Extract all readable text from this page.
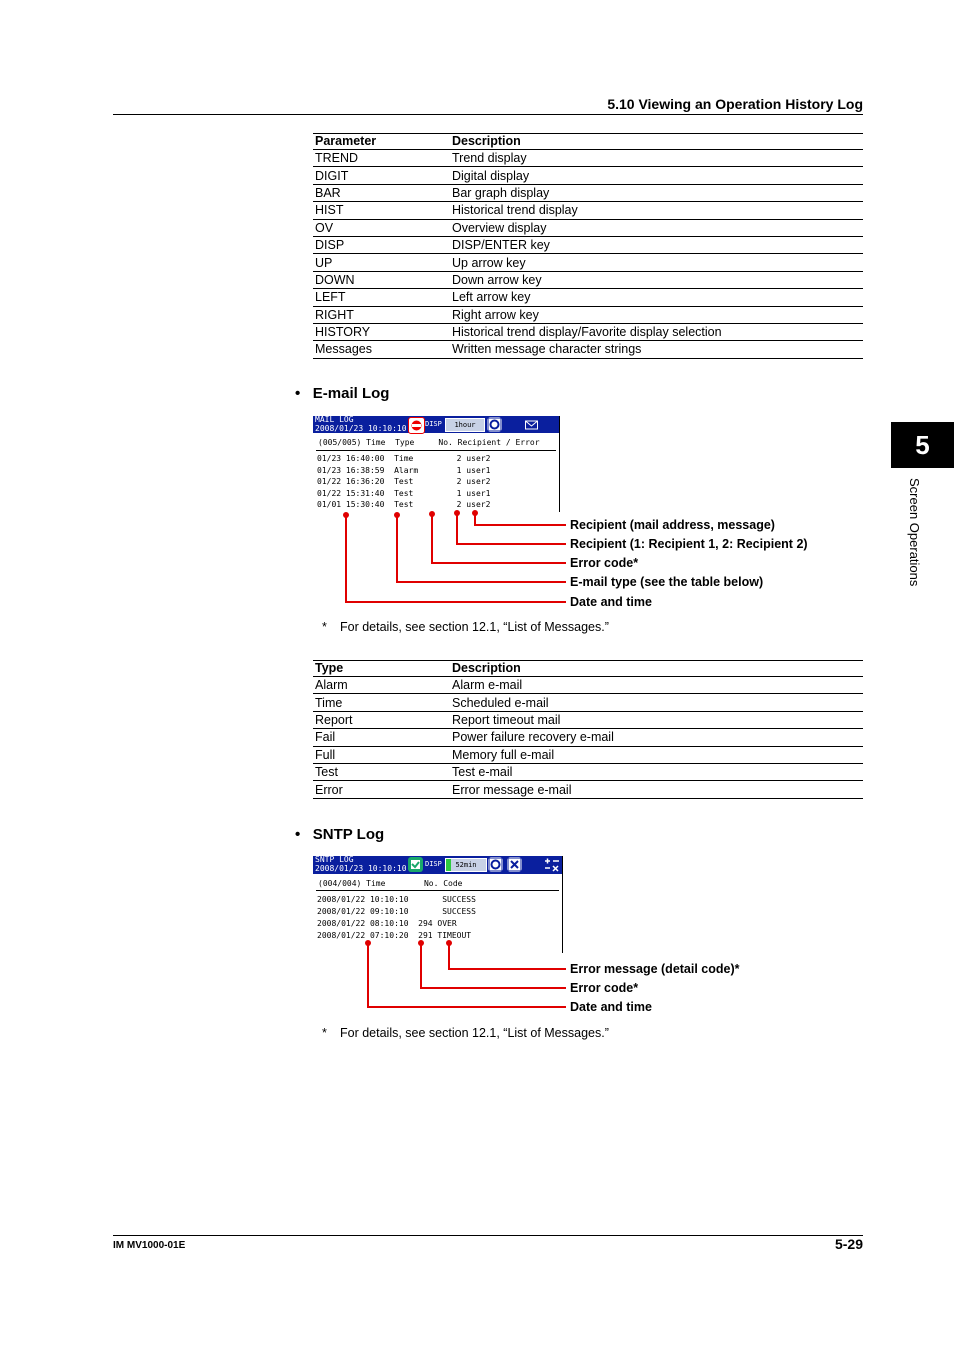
5.10 Viewing an Operation History Log
IM MV1000-01E	5-29
5
Screen Operations
Parameter	Description
TREND	Trend display
DIGIT	Digital display
BAR	Bar graph display
HIST	Historical trend display
OV	Overview display
DISP	DISP/ENTER key
UP	Up arrow key
DOWN	Down arrow key
LEFT	Left arrow key
RIGHT	Right arrow key
HISTORY	Historical trend display/Favorite display selection
Messages	Written message character strings
• E-mail Log
MAIL LOG
2008/01/23 10:10:10	DISP	1hour
(005/005) Time  Type     No. Recipient / Error
01/23 16:40:00  Time         2 user2
01/23 16:38:59  Alarm        1 user1
01/22 16:36:20  Test         2 user2
01/22 15:31:40  Test         1 user1
01/01 15:30:40  Test         2 user2
Recipient (mail address, message)
Recipient (1: Recipient 1, 2: Recipient 2)
Error code*
E-mail type (see the table below)
Date and time
* For details, see section 12.1, “List of Messages.”
Type	Description
Alarm	Alarm e-mail
Time	Scheduled e-mail
Report	Report timeout mail
Fail	Power failure recovery e-mail
Full	Memory full e-mail
Test	Test e-mail
Error	Error message e-mail
• SNTP Log
SNTP LOG
2008/01/23 10:10:10	DISP	52min
(004/004) Time        No. Code
2008/01/22 10:10:10       SUCCESS
2008/01/22 09:10:10       SUCCESS
2008/01/22 08:10:10  294 OVER
2008/01/22 07:10:20  291 TIMEOUT
Error message (detail code)*
Error code*
Date and time
* For details, see section 12.1, “List of Messages.”
